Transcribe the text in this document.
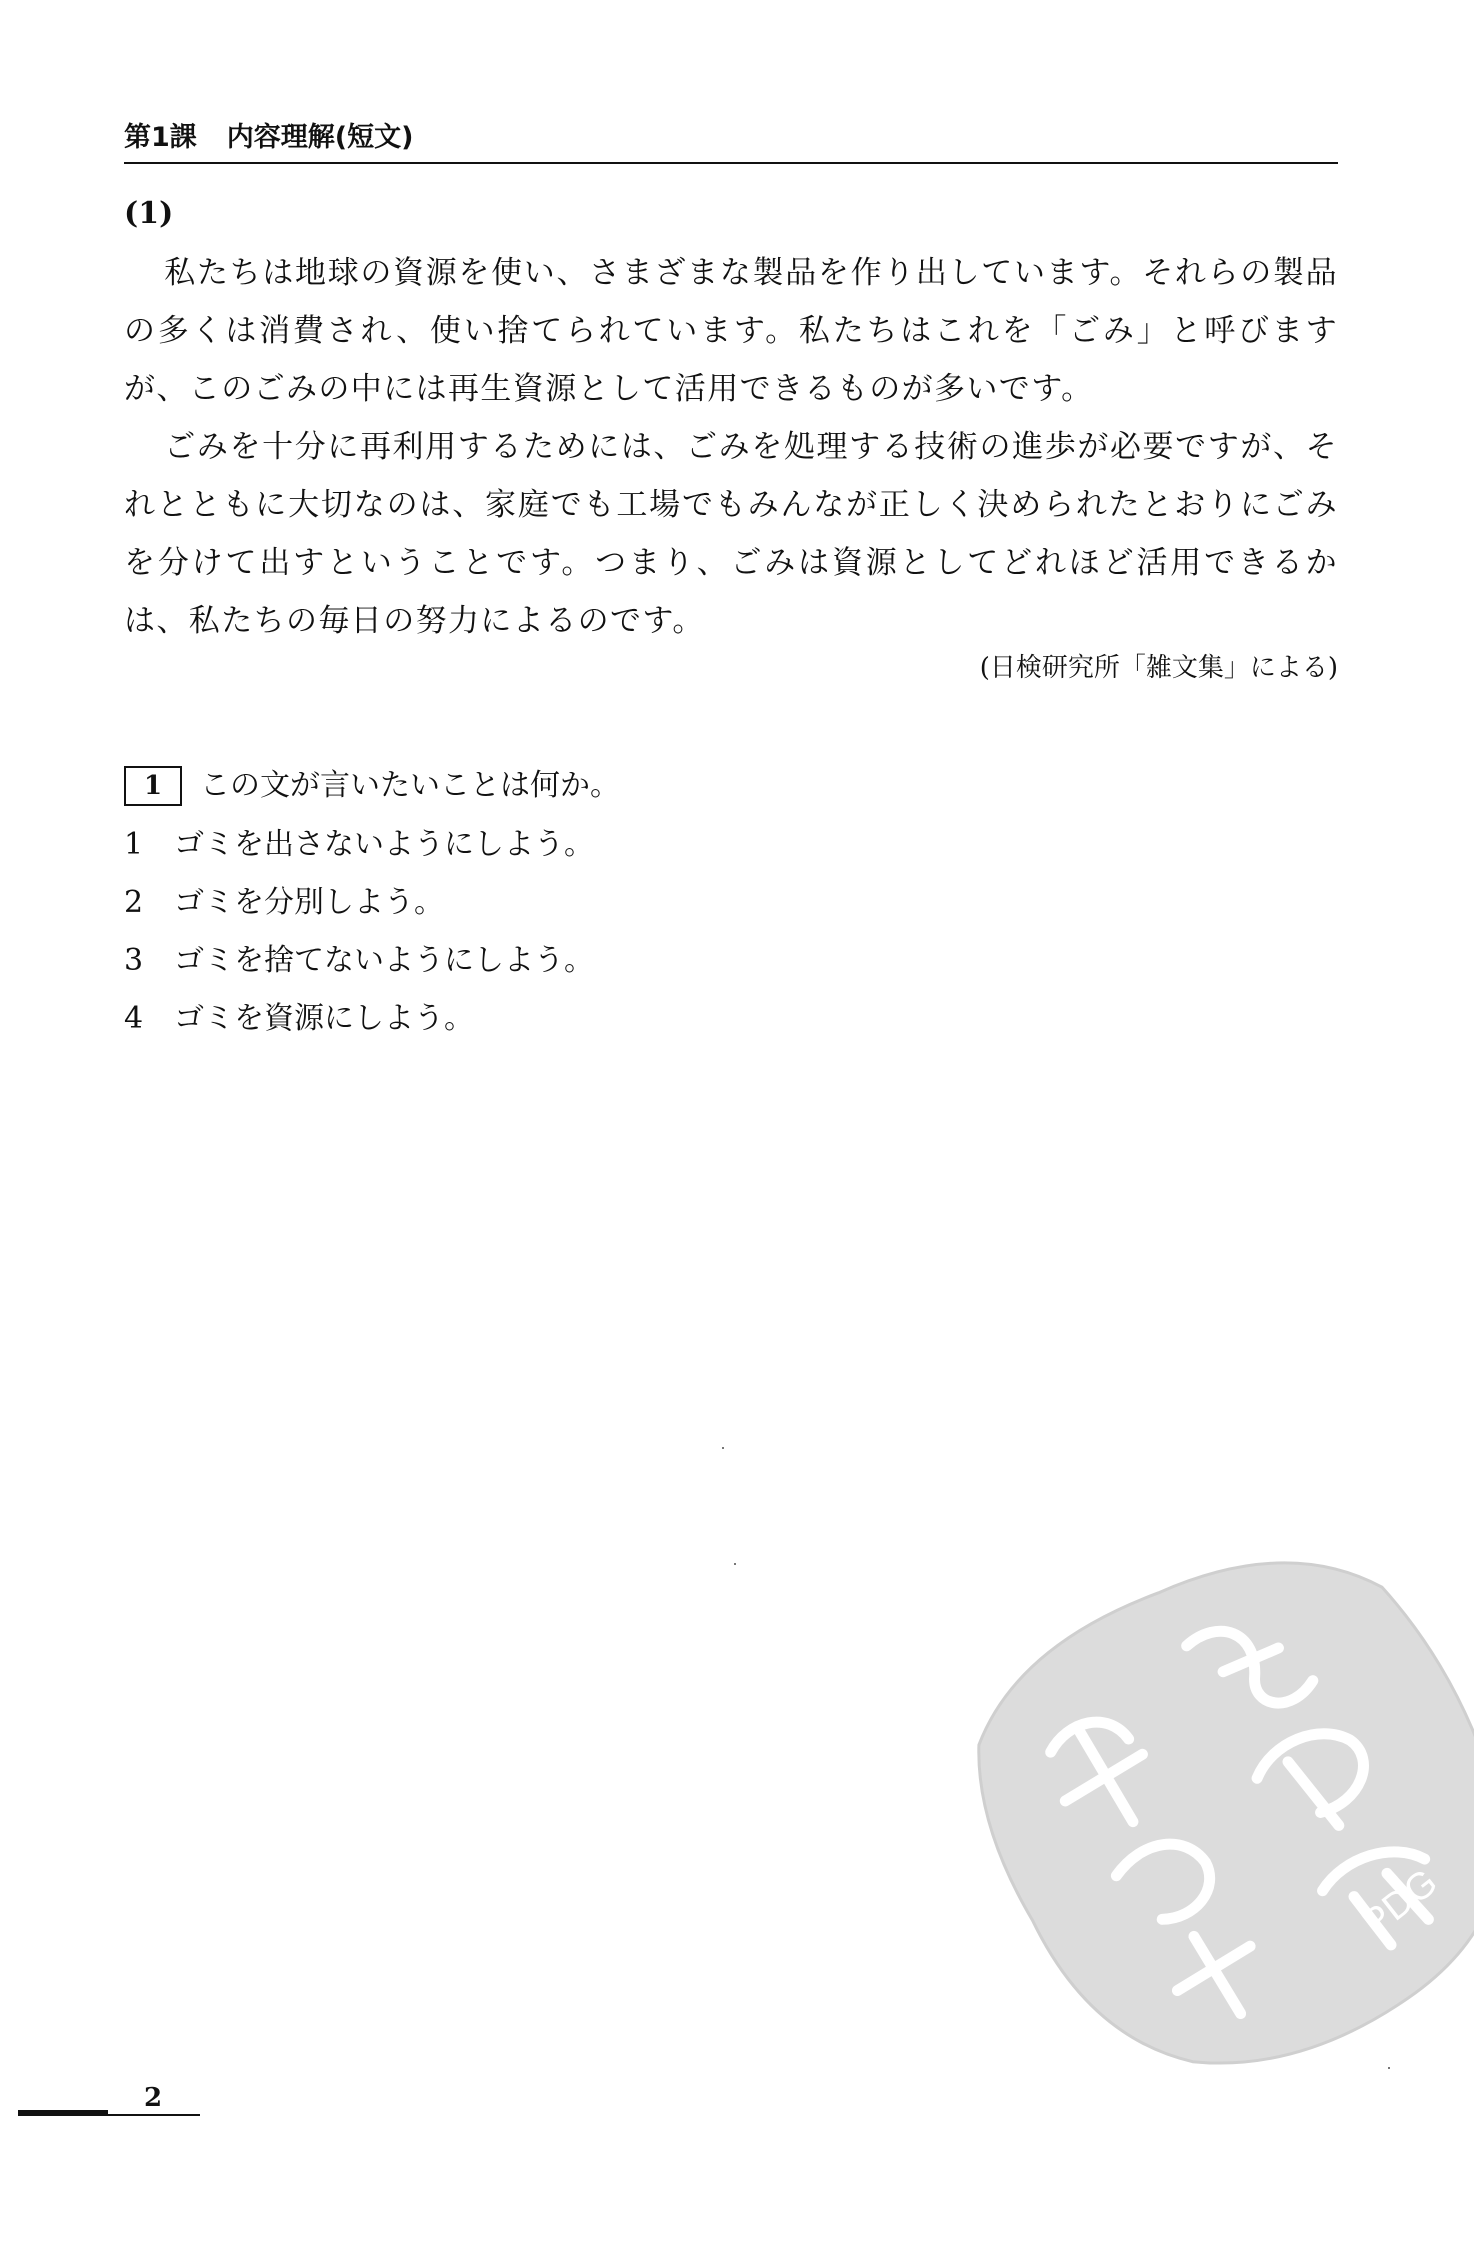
第1課 内容理解(短文)
(1)

私たちは地球の資源を使い、さまざまな製品を作り出しています。それらの製品の多くは消費され、使い捨てられています。私たちはこれを「ごみ」と呼びますが、このごみの中には再生資源として活用できるものが多いです。

ごみを十分に再利用するためには、ごみを処理する技術の進歩が必要ですが、それとともに大切なのは、家庭でも工場でもみんなが正しく決められたとおりにごみを分けて出すということです。つまり、ごみは資源としてどれほど活用できるかは、私たちの毎日の努力によるのです。

(日検研究所「雑文集」による)
1	この文が言いたいことは何か。
1	ゴミを出さないようにしよう。
2	ゴミを分別しよう。
3	ゴミを捨てないようにしよう。
4	ゴミを資源にしよう。
PDG
2
